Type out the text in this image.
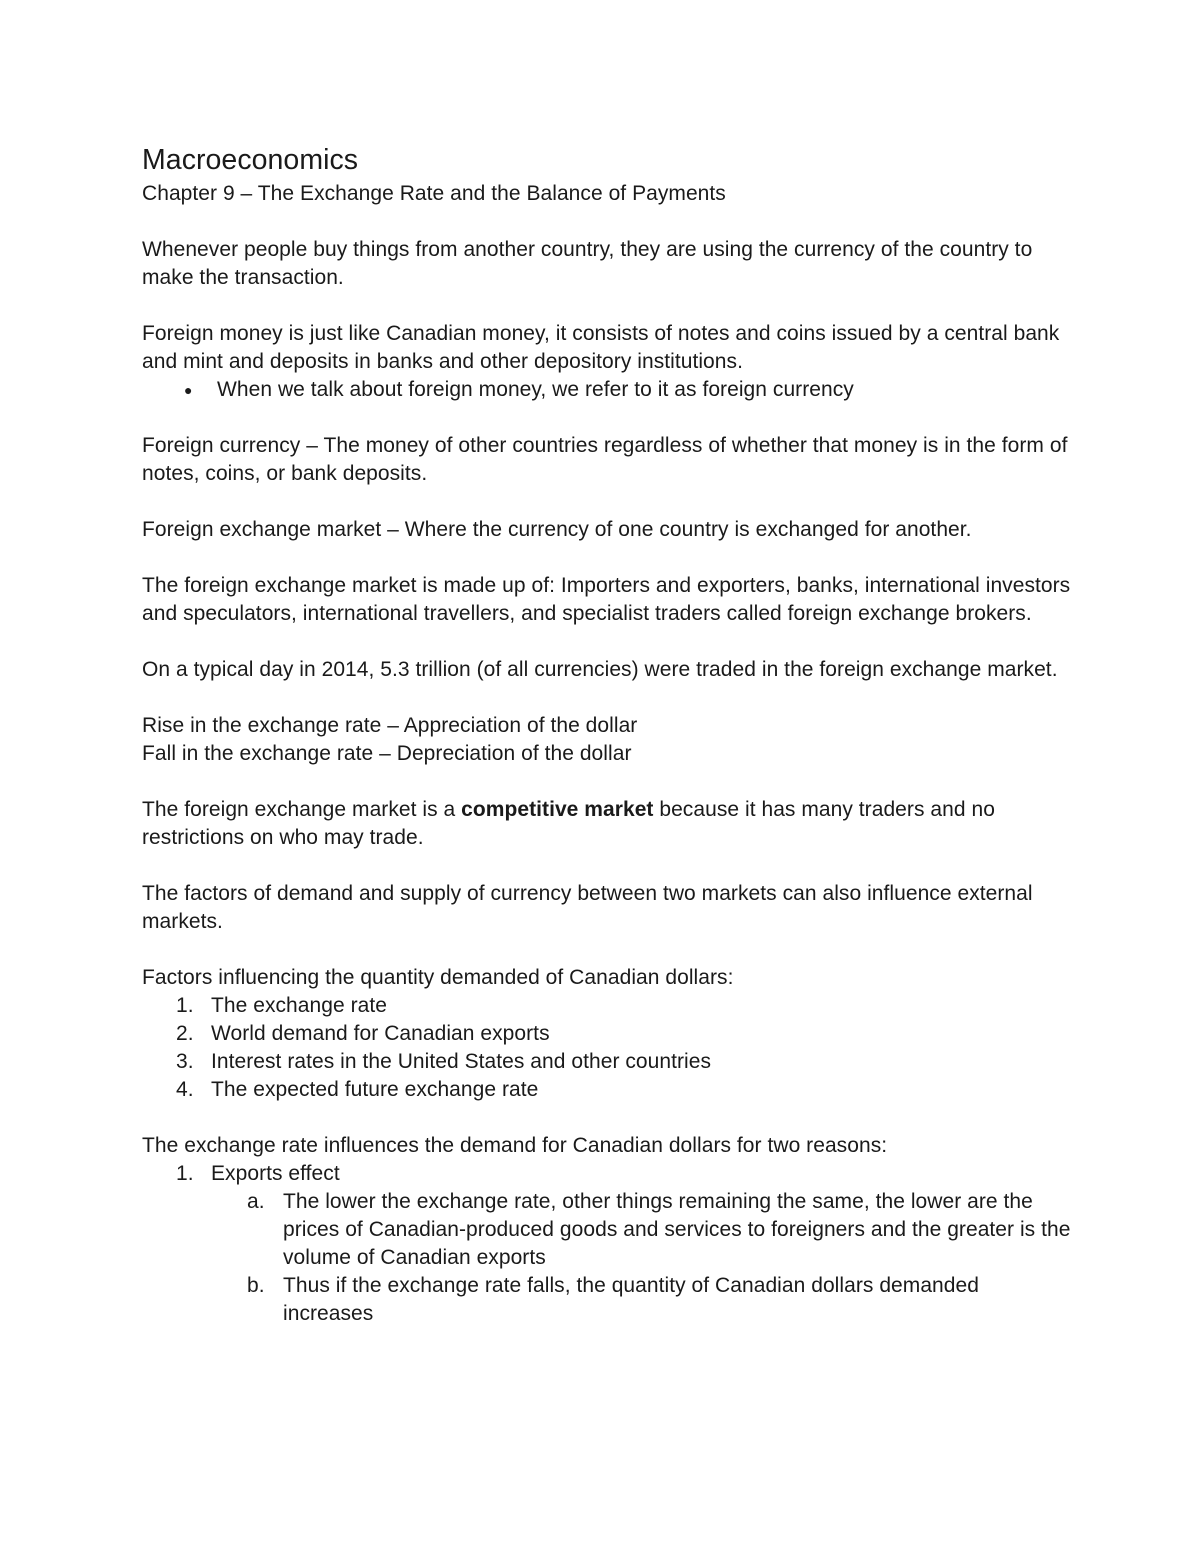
Macroeconomics

Chapter 9 – The Exchange Rate and the Balance of Payments

Whenever people buy things from another country, they are using the currency of the country to make the transaction.

Foreign money is just like Canadian money, it consists of notes and coins issued by a central bank and mint and deposits in banks and other depository institutions.

● When we talk about foreign money, we refer to it as foreign currency

Foreign currency – The money of other countries regardless of whether that money is in the form of notes, coins, or bank deposits.

Foreign exchange market – Where the currency of one country is exchanged for another.

The foreign exchange market is made up of: Importers and exporters, banks, international investors and speculators, international travellers, and specialist traders called foreign exchange brokers.

On a typical day in 2014, 5.3 trillion (of all currencies) were traded in the foreign exchange market.

Rise in the exchange rate – Appreciation of the dollar

Fall in the exchange rate – Depreciation of the dollar

The foreign exchange market is a competitive market because it has many traders and no restrictions on who may trade.

The factors of demand and supply of currency between two markets can also influence external markets.

Factors influencing the quantity demanded of Canadian dollars:

1. The exchange rate
2. World demand for Canadian exports
3. Interest rates in the United States and other countries
4. The expected future exchange rate

The exchange rate influences the demand for Canadian dollars for two reasons:

1. Exports effect
a. The lower the exchange rate, other things remaining the same, the lower are the prices of Canadian-produced goods and services to foreigners and the greater is the volume of Canadian exports
b. Thus if the exchange rate falls, the quantity of Canadian dollars demanded increases
